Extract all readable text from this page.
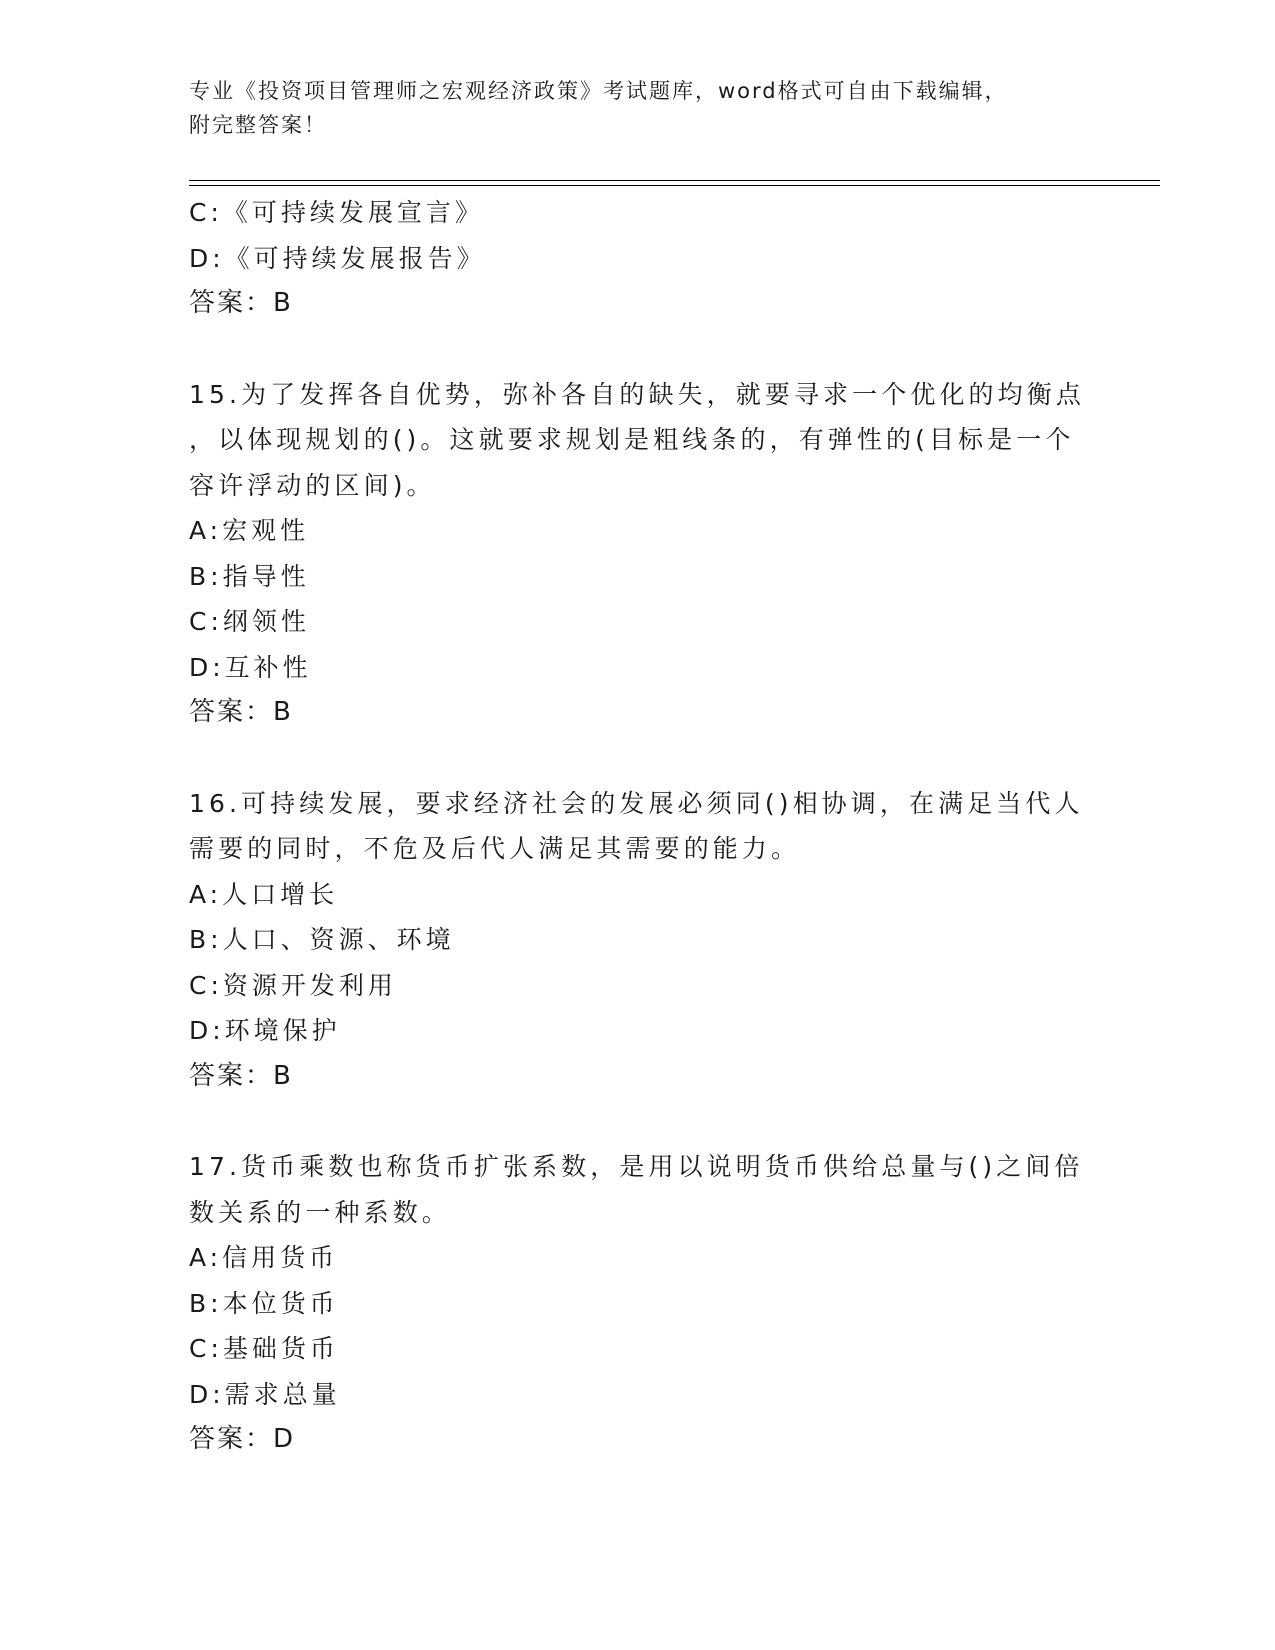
专业《投资项目管理师之宏观经济政策》考试题库，word格式可自由下载编辑，
附完整答案！
C:《可持续发展宣言》
D:《可持续发展报告》
答案：B
15.为了发挥各自优势，弥补各自的缺失，就要寻求一个优化的均衡点
，以体现规划的()。这就要求规划是粗线条的，有弹性的(目标是一个
容许浮动的区间)。
A:宏观性
B:指导性
C:纲领性
D:互补性
答案：B
16.可持续发展，要求经济社会的发展必须同()相协调，在满足当代人
需要的同时，不危及后代人满足其需要的能力。
A:人口增长
B:人口、资源、环境
C:资源开发利用
D:环境保护
答案：B
17.货币乘数也称货币扩张系数，是用以说明货币供给总量与()之间倍
数关系的一种系数。
A:信用货币
B:本位货币
C:基础货币
D:需求总量
答案：D
